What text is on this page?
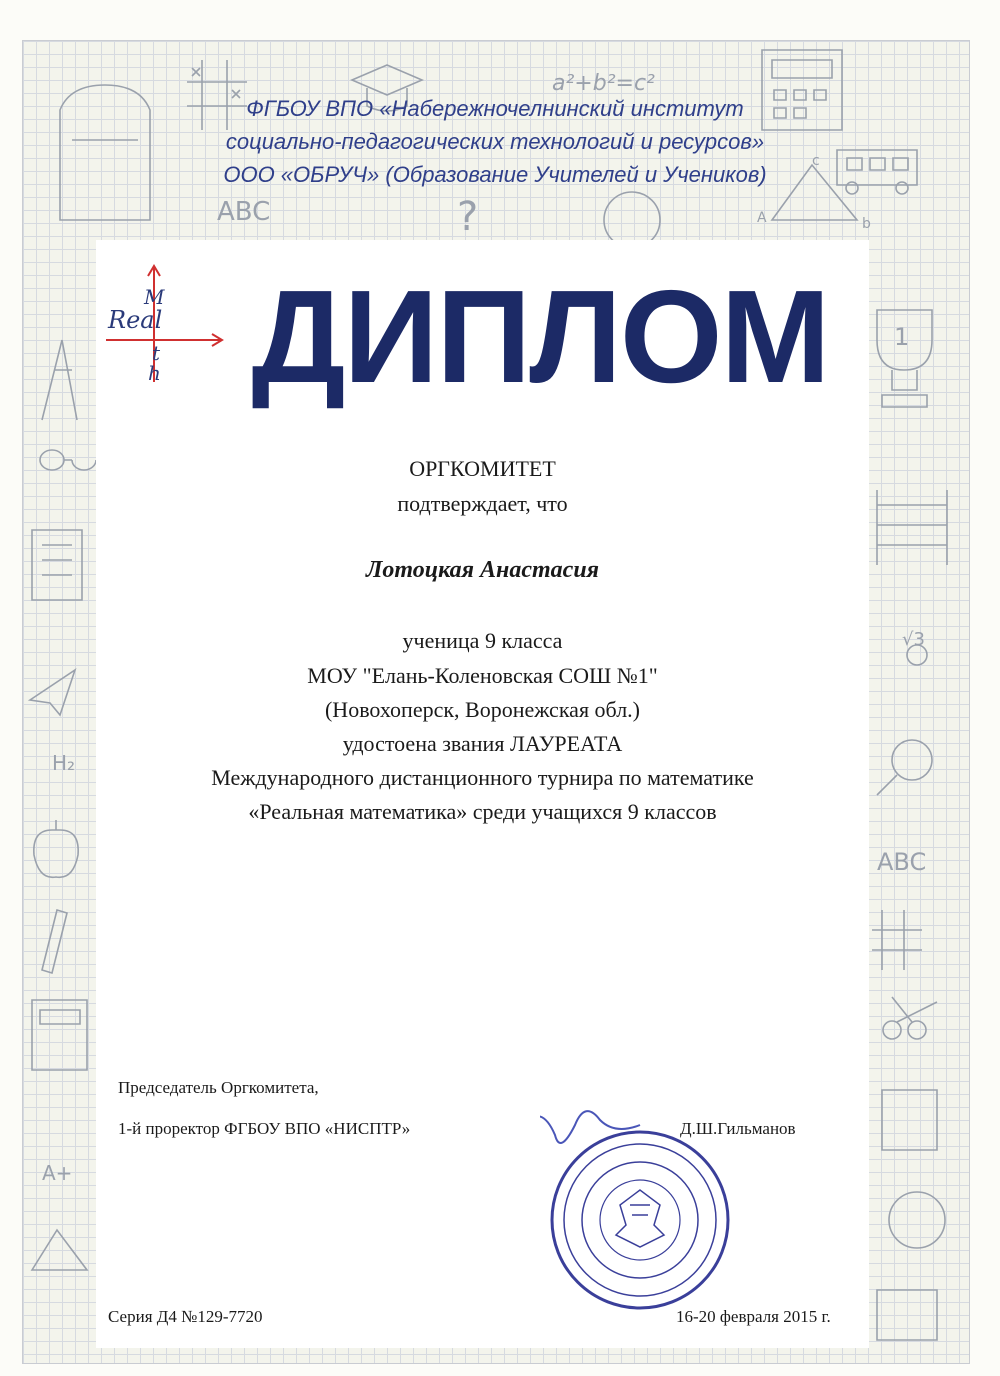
a²+b²=c²
A
c
b
ABC	?
H₂
A+
1
√3
ABC
ФГБОУ ВПО «Набережночелнинский институт
социально-педагогических технологий и ресурсов»
ООО «ОБРУЧ» (Образование Учителей и Учеников)
M
Real
t
h ДИПЛОМ
ОРГКОМИТЕТ
подтверждает, что
Лотоцкая Анастасия
ученица 9 класса
МОУ "Елань-Коленовская СОШ №1"
(Новохоперск, Воронежская обл.)
удостоена звания ЛАУРЕАТА
Международного дистанционного турнира по математике
«Реальная математика» среди учащихся 9 классов
Председатель Оргкомитета,
1-й проректор ФГБОУ ВПО «НИСПТР»	Д.Ш.Гильманов
Серия Д4 №129-7720	16-20 февраля 2015 г.
